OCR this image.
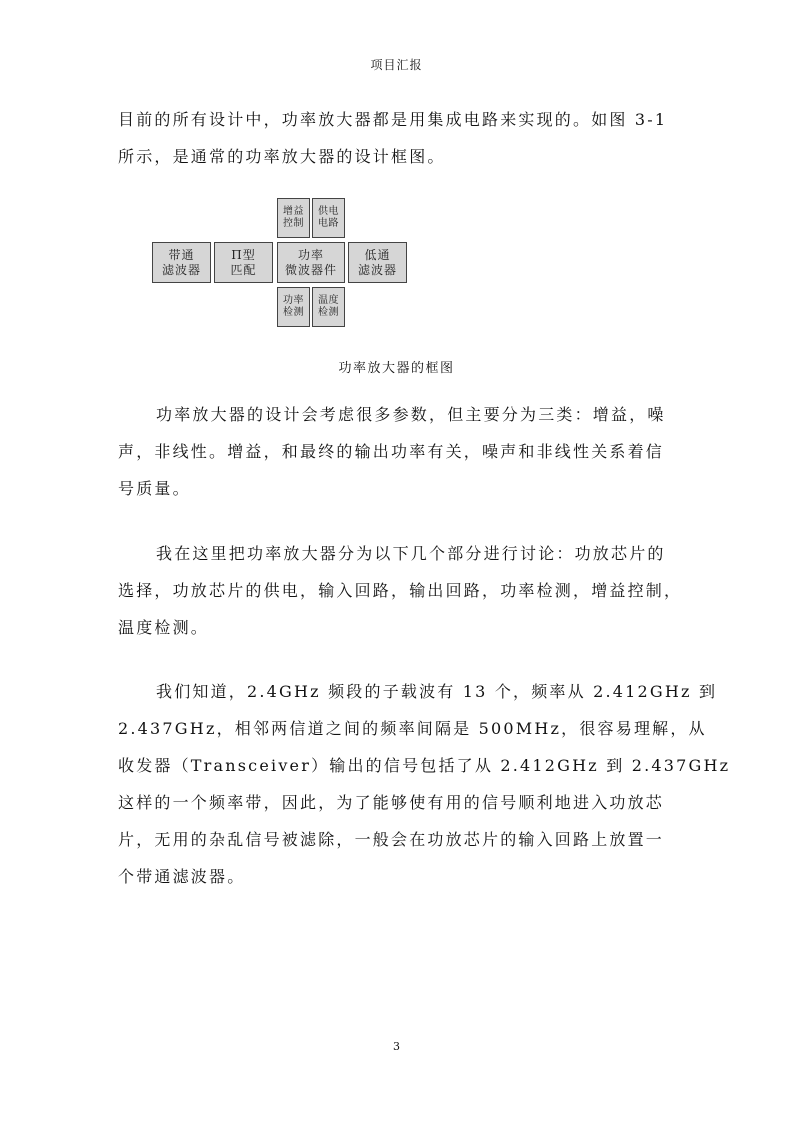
项目汇报

目前的所有设计中，功率放大器都是用集成电路来实现的。如图 3-1
所示，是通常的功率放大器的设计框图。

增益
控制
供电
电路
带通
滤波器
Π型
匹配
功率
微波器件
低通
滤波器
功率
检测
温度
检测
功率放大器的框图

功率放大器的设计会考虑很多参数，但主要分为三类：增益，噪
声，非线性。增益，和最终的输出功率有关，噪声和非线性关系着信
号质量。

我在这里把功率放大器分为以下几个部分进行讨论：功放芯片的
选择，功放芯片的供电，输入回路，输出回路，功率检测，增益控制，
温度检测。

我们知道，2.4GHz 频段的子载波有 13 个，频率从 2.412GHz 到
2.437GHz，相邻两信道之间的频率间隔是 500MHz，很容易理解，从
收发器（Transceiver）输出的信号包括了从 2.412GHz 到 2.437GHz
这样的一个频率带，因此，为了能够使有用的信号顺利地进入功放芯
片，无用的杂乱信号被滤除，一般会在功放芯片的输入回路上放置一
个带通滤波器。

3
